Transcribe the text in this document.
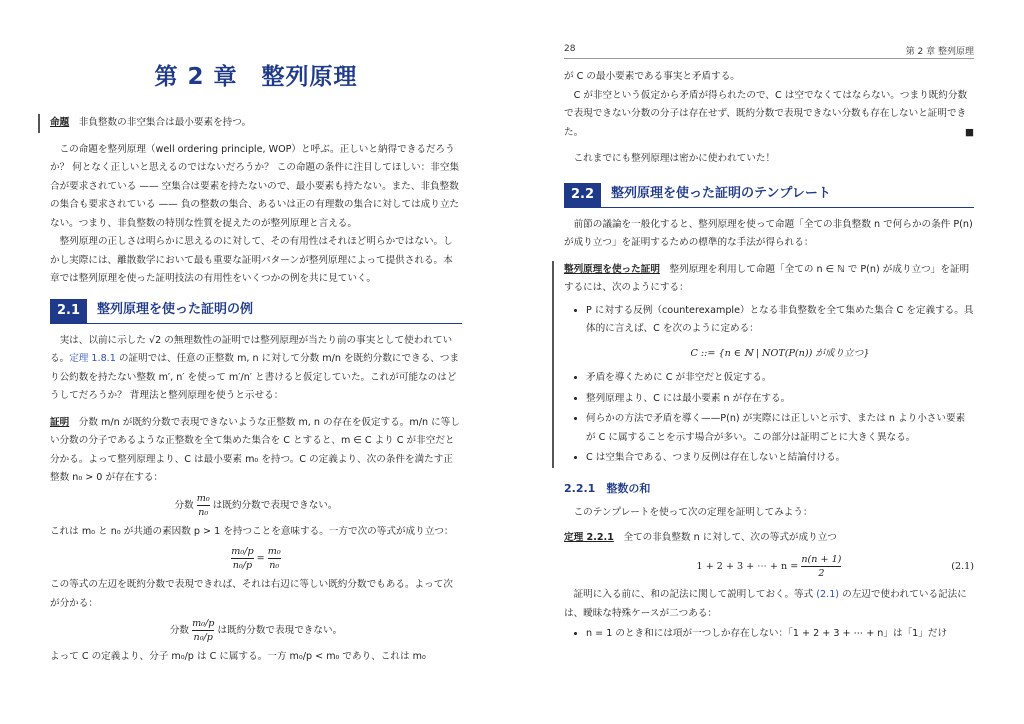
第 2 章　整列原理

命題　 非負整数の非空集合は最小要素を持つ。

この命題を整列原理（well ordering principle, WOP）と呼ぶ。正しいと納得できるだろうか？ 何となく正しいと思えるのではないだろうか？ この命題の条件に注目してほしい：非空集合が要求されている —— 空集合は要素を持たないので、最小要素も持たない。また、非負整数の集合も要求されている —— 負の整数の集合、あるいは正の有理数の集合に対しては成り立たない。つまり、非負整数の特別な性質を捉えたのが整列原理と言える。

整列原理の正しさは明らかに思えるのに対して、その有用性はそれほど明らかではない。しかし実際には、離散数学において最も重要な証明パターンが整列原理によって提供される。本章では整列原理を使った証明技法の有用性をいくつかの例を共に見ていく。

2.1	整列原理を使った証明の例

実は、以前に示した √2 の無理数性の証明では整列原理が当たり前の事実として使われている。定理 1.8.1 の証明では、任意の正整数 m, n に対して分数 m/n を既約分数にできる、つまり公約数を持たない整数 m′, n′ を使って m′/n′ と書けると仮定していた。これが可能なのはどうしてだろうか？ 背理法と整列原理を使うと示せる：

証明　 分数 m/n が既約分数で表現できないような正整数 m, n の存在を仮定する。m/n に等しい分数の分子であるような正整数を全て集めた集合を C とすると、m ∈ C より C が非空だと分かる。よって整列原理より、C は最小要素 m₀ を持つ。C の定義より、次の条件を満たす正整数 n₀ > 0 が存在する：

分数 $\frac{\text{m₀}}{\text{n₀}}$ は既約分数で表現できない。

これは m₀ と n₀ が共通の素因数 p > 1 を持つことを意味する。一方で次の等式が成り立つ：

$\frac{\text{m₀/p}}{\text{n₀/p}} = \frac{\text{m₀}}{\text{n₀}}$

この等式の左辺を既約分数で表現できれば、それは右辺に等しい既約分数でもある。よって次が分かる：

分数 $\frac{\text{m₀/p}}{\text{n₀/p}}$ は既約分数で表現できない。

よって C の定義より、分子 m₀/p は C に属する。一方 m₀/p < m₀ であり、これは m₀

28	第 2 章 整列原理

が C の最小要素である事実と矛盾する。

C が非空という仮定から矛盾が得られたので、C は空でなくてはならない。つまり既約分数で表現できない分数の分子は存在せず、既約分数で表現できない分数も存在しないと証明できた。	■

これまでにも整列原理は密かに使われていた！

2.2	整列原理を使った証明のテンプレート

前節の議論を一般化すると、整列原理を使って命題「全ての非負整数 n で何らかの条件 P(n) が成り立つ」を証明するための標準的な手法が得られる：

整列原理を使った証明　 整列原理を利用して命題「全ての n ∈ ℕ で P(n) が成り立つ」を証明するには、次のようにする：

• P に対する反例（counterexample）となる非負整数を全て集めた集合 C を定義する。具体的に言えば、C を次のように定める：
C ::= {n ∈ ℕ | NOT(P(n)) が成り立つ}
• 矛盾を導くために C が非空だと仮定する。
• 整列原理より、C には最小要素 n が存在する。
• 何らかの方法で矛盾を導く——P(n) が実際には正しいと示す、または n より小さい要素が C に属することを示す場合が多い。この部分は証明ごとに大きく異なる。
• C は空集合である、つまり反例は存在しないと結論付ける。
2.2.1　整数の和

このテンプレートを使って次の定理を証明してみよう：

定理 2.2.1　 全ての非負整数 n に対して、次の等式が成り立つ

1 + 2 + 3 + ⋯ + $n = \frac{n(n + 1)}{2}$	(2.1)

証明に入る前に、和の記法に関して説明しておく。等式 (2.1) の左辺で使われている記法には、曖昧な特殊ケースが二つある：

• n = 1 のとき和には項が一つしか存在しない：「1 + 2 + 3 + ⋯ + n」は「1」だけ
